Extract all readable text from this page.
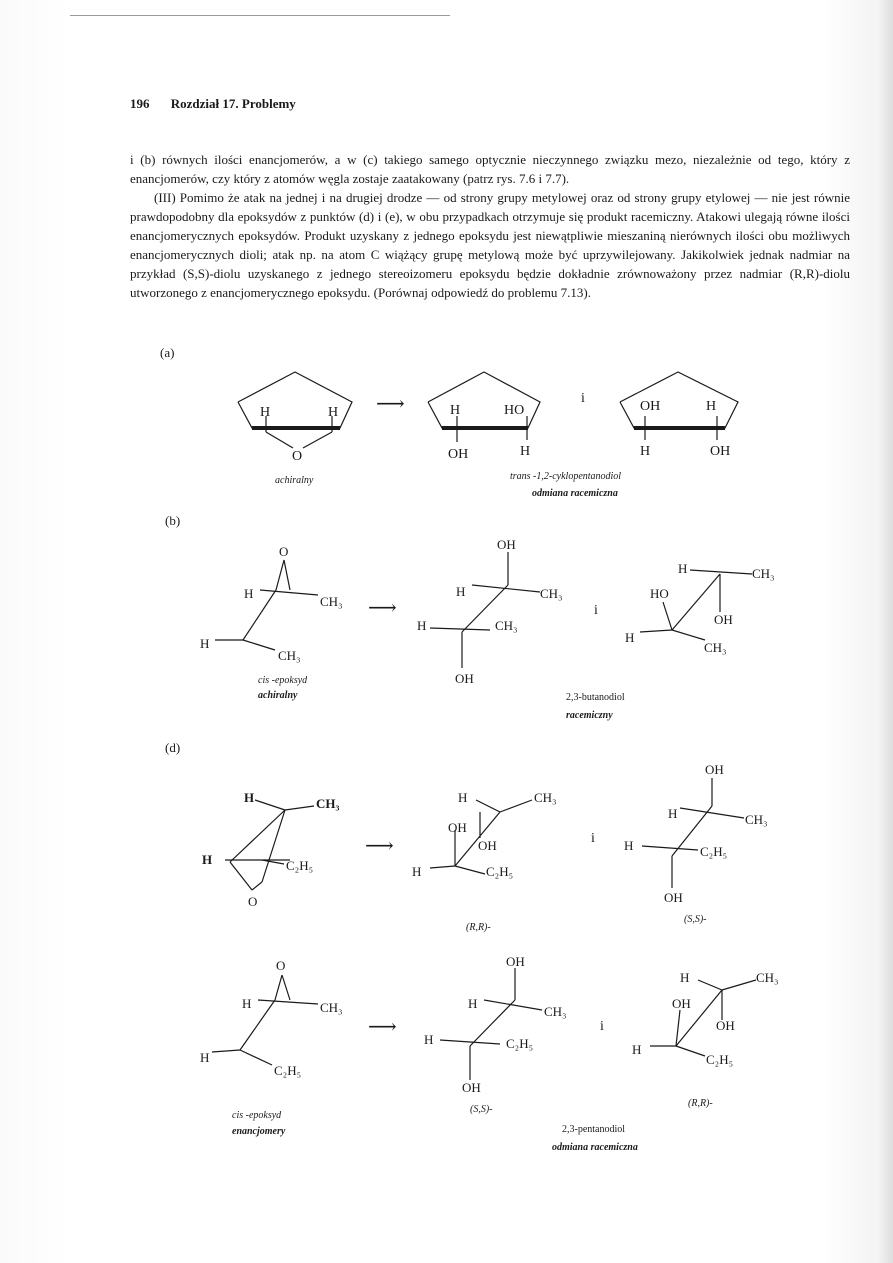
196 Rozdział 17. Problemy

i (b) równych ilości enancjomerów, a w (c) takiego samego optycznie nieczynnego związku mezo, niezależnie od tego, który z enancjomerów, czy który z atomów węgla zostaje zaatakowany (patrz rys. 7.6 i 7.7).

(III) Pomimo że atak na jednej i na drugiej drodze — od strony grupy metylowej oraz od strony grupy etylowej — nie jest równie prawdopodobny dla epoksydów z punktów (d) i (e), w obu przypadkach otrzymuje się produkt racemiczny. Atakowi ulegają równe ilości enancjomerycznych epoksydów. Produkt uzyskany z jednego epoksydu jest niewątpliwie mieszaniną nierównych ilości obu możliwych enancjomerycznych dioli; atak np. na atom C wiążący grupę metylową może być uprzywilejowany. Jakikolwiek jednak nadmiar na przykład (S,S)-diolu uzyskanego z jednego stereoizomeru epoksydu będzie dokładnie zrównoważony przez nadmiar (R,R)-diolu utworzonego z enancjomerycznego epoksydu. (Porównaj odpowiedź do problemu 7.13).

(a)
(b)
(d)
⟶
⟶
⟶
⟶
i
i
i
i
H	H
O
H	HO
OH	H
OH	H
H	OH
achiralny	trans -1,2-cyklopentanodiol
odmiana racemiczna
O
H
CH₃
H
CH₃
OH
H	CH₃
H	CH₃
OH
H	CH₃
HO
OH
H
CH₃
cis -epoksyd
achiralny	2,3-butanodiol
racemiczny
H	CH₃
H	C₂H₅
O
H	CH₃
OH
OH
H	C₂H₅
OH
H	CH₃
H	C₂H₅
OH
(R,R)-
(S,S)-
O
H	CH₃
H
C₂H₅
OH
H
CH₃
H	C₂H₅
OH
H	CH₃
OH
OH
H
C₂H₅
(S,S)-
(R,R)-
cis -epoksyd
enancjomery	2,3-pentanodiol
odmiana racemiczna
